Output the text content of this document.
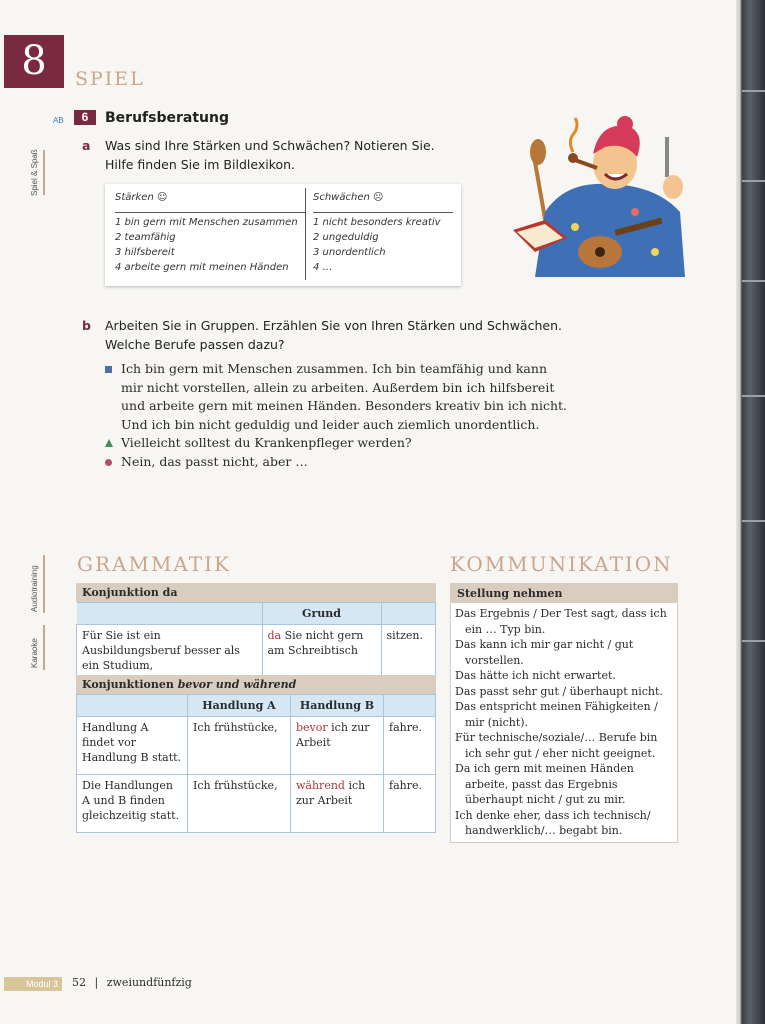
8	SPIEL
Spiel & Spaß
Audiotraining
Karaoke
AB	6	Berufsberatung
a Was sind Ihre Stärken und Schwächen? Notieren Sie.
Hilfe finden Sie im Bildlexikon.
Stärken ☺
1 bin gern mit Menschen zusammen
2 teamfähig
3 hilfsbereit
4 arbeite gern mit meinen Händen
Schwächen ☹
1 nicht besonders kreativ
2 ungeduldig
3 unordentlich
4 …
b Arbeiten Sie in Gruppen. Erzählen Sie von Ihren Stärken und Schwächen.
Welche Berufe passen dazu?
Ich bin gern mit Menschen zusammen. Ich bin teamfähig und kann
mir nicht vorstellen, allein zu arbeiten. Außerdem bin ich hilfsbereit
und arbeite gern mit meinen Händen. Besonders kreativ bin ich nicht.
Und ich bin nicht geduldig und leider auch ziemlich unordentlich.
Vielleicht solltest du Krankenpfleger werden?
Nein, das passt nicht, aber …
GRAMMATIK
Konjunktion da
	Grund	
Für Sie ist ein Ausbildungsberuf besser als ein Studium,	da Sie nicht gern am Schreibtisch	sitzen.
Konjunktionen bevor und während
	Handlung A	Handlung B	
Handlung A findet vor Handlung B statt.	Ich frühstücke,	bevor ich zur Arbeit	fahre.
Die Handlungen A und B finden gleichzeitig statt.	Ich frühstücke,	während ich zur Arbeit	fahre.
KOMMUNIKATION
Stellung nehmen
Das Ergebnis / Der Test sagt, dass ich ein … Typ bin.
Das kann ich mir gar nicht / gut vorstellen.
Das hätte ich nicht erwartet.
Das passt sehr gut / überhaupt nicht.
Das entspricht meinen Fähigkeiten / mir (nicht).
Für technische/soziale/… Berufe bin ich sehr gut / eher nicht geeignet.
Da ich gern mit meinen Händen arbeite, passt das Ergebnis überhaupt nicht / gut zu mir.
Ich denke eher, dass ich technisch/ handwerklich/… begabt bin.
Modul 3	52 | zweiundfünfzig
